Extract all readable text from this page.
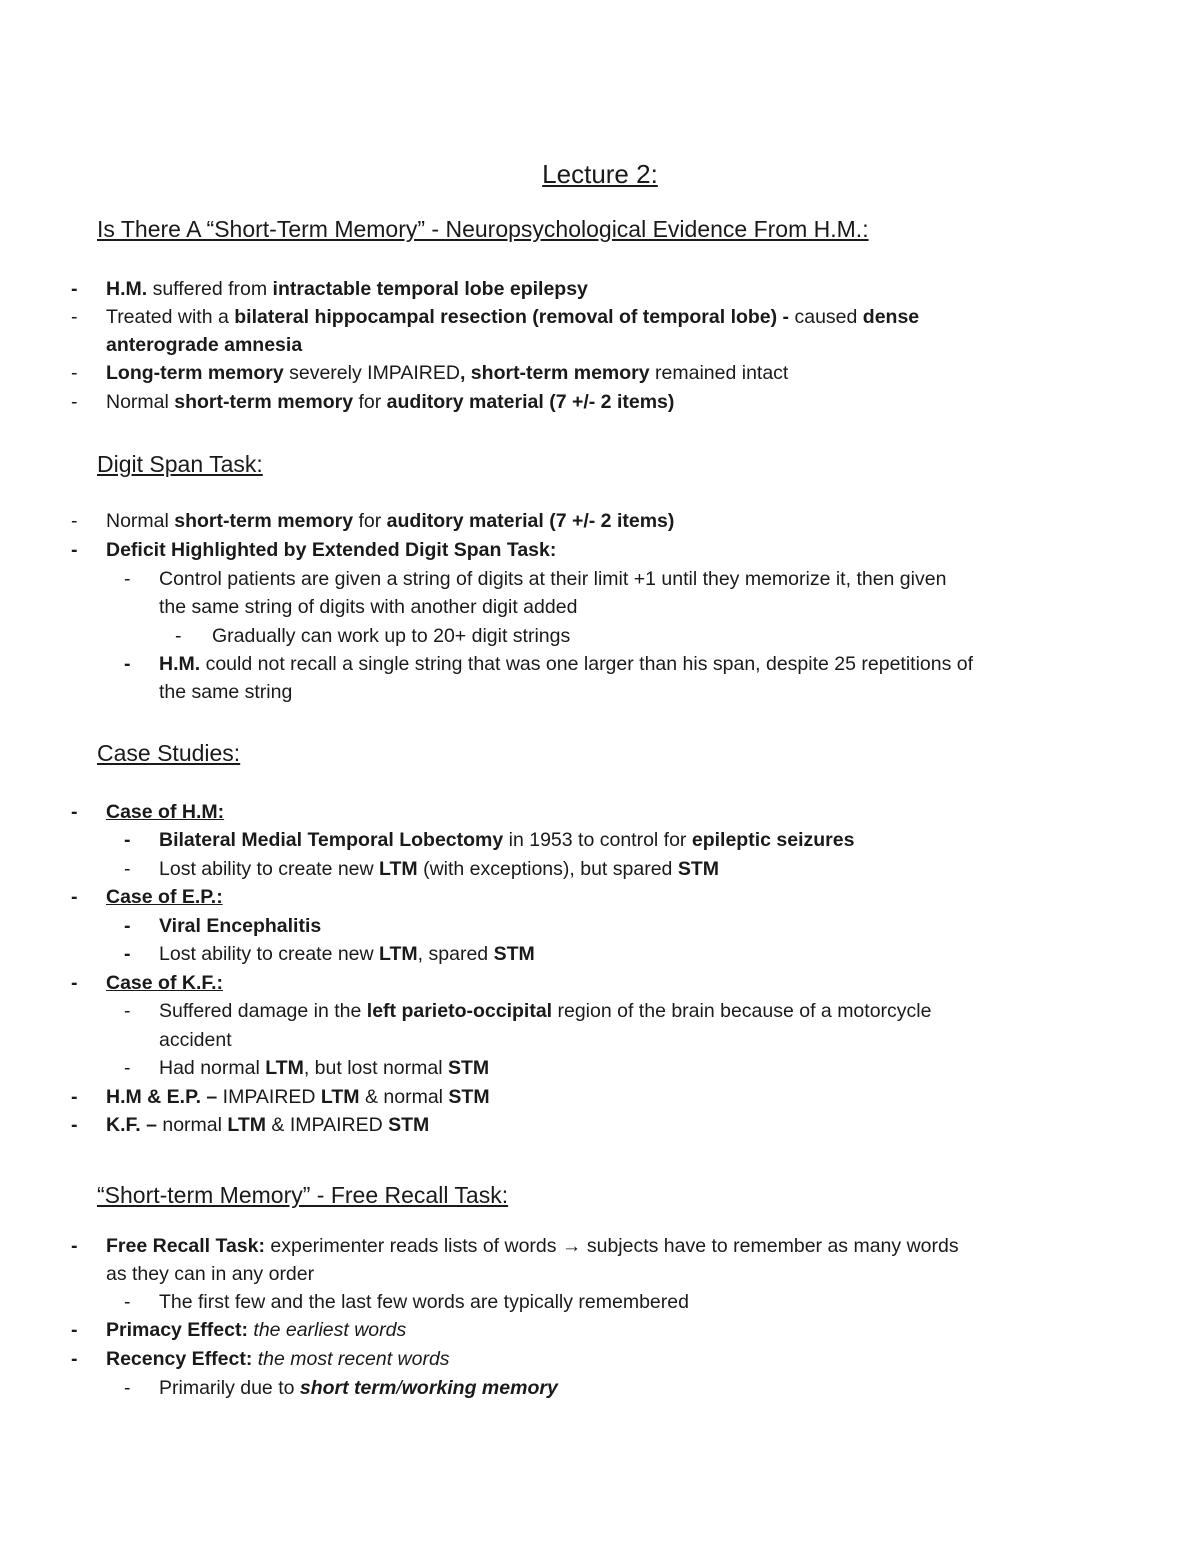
Lecture 2:
Is There A “Short-Term Memory” - Neuropsychological Evidence From H.M.:

- H.M. suffered from intractable temporal lobe epilepsy

- Treated with a bilateral hippocampal resection (removal of temporal lobe) - caused dense

anterograde amnesia

- Long-term memory severely IMPAIRED, short-term memory remained intact

- Normal short-term memory for auditory material (7 +/- 2 items)

Digit Span Task:

- Normal short-term memory for auditory material (7 +/- 2 items)

- Deficit Highlighted by Extended Digit Span Task:

- Control patients are given a string of digits at their limit +1 until they memorize it, then given

the same string of digits with another digit added

- Gradually can work up to 20+ digit strings

- H.M. could not recall a single string that was one larger than his span, despite 25 repetitions of

the same string

Case Studies:

- Case of H.M:

- Bilateral Medial Temporal Lobectomy in 1953 to control for epileptic seizures

- Lost ability to create new LTM (with exceptions), but spared STM

- Case of E.P.:

- Viral Encephalitis

- Lost ability to create new LTM, spared STM

- Case of K.F.:

- Suffered damage in the left parieto-occipital region of the brain because of a motorcycle

accident

- Had normal LTM, but lost normal STM

- H.M & E.P. – IMPAIRED LTM & normal STM

- K.F. – normal LTM & IMPAIRED STM

“Short-term Memory” - Free Recall Task:

- Free Recall Task: experimenter reads lists of words → subjects have to remember as many words

as they can in any order

- The first few and the last few words are typically remembered

- Primacy Effect: the earliest words

- Recency Effect: the most recent words

- Primarily due to short term/working memory
